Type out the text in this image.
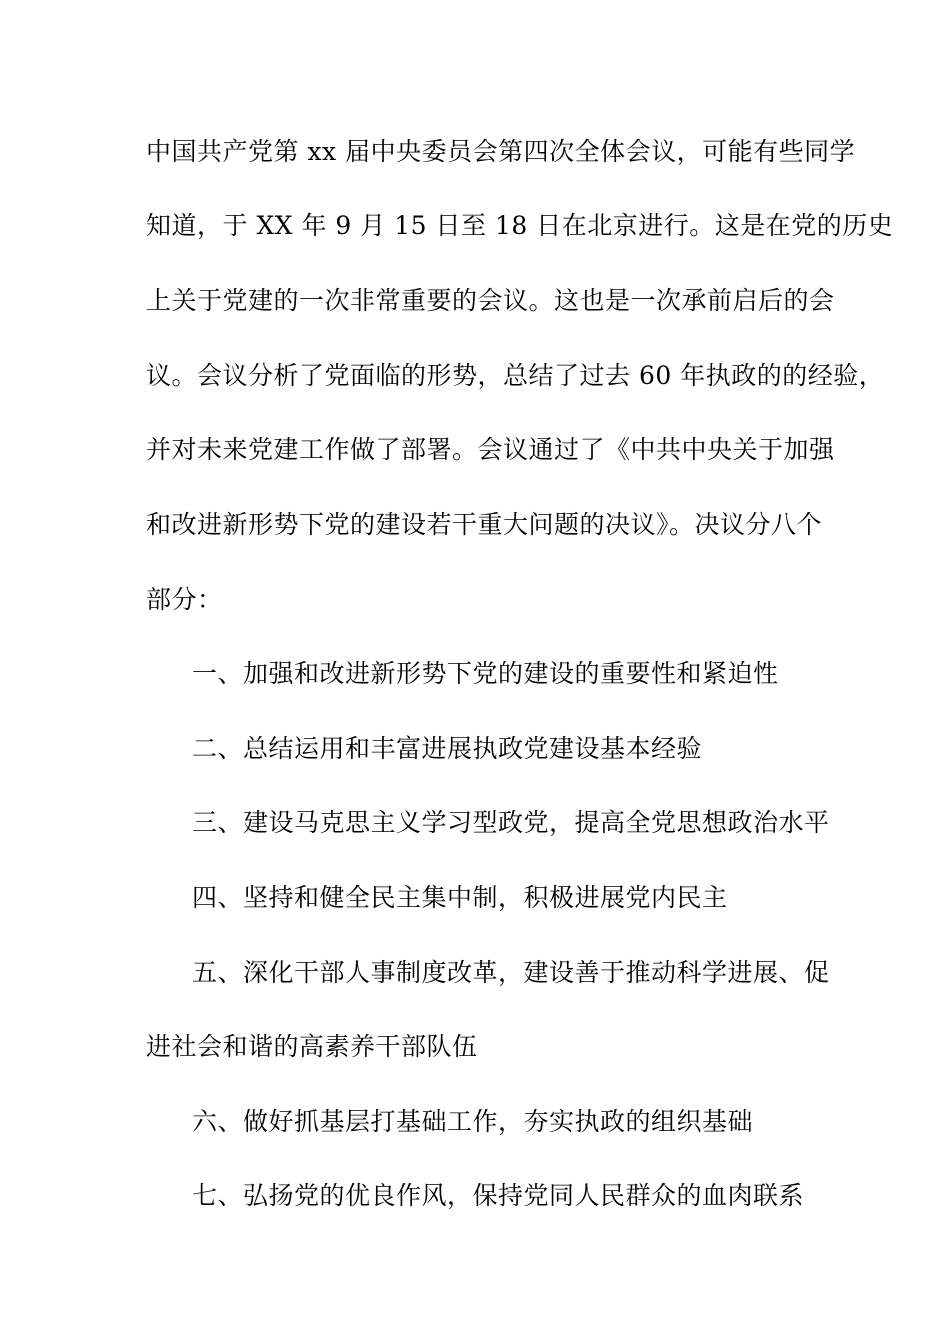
中国共产党第 xx 届中央委员会第四次全体会议，可能有些同学
知道，于 XX 年 9 月 15 日至 18 日在北京进行。这是在党的历史
上关于党建的一次非常重要的会议。这也是一次承前启后的会
议。会议分析了党面临的形势，总结了过去 60 年执政的的经验，
并对未来党建工作做了部署。会议通过了《中共中央关于加强
和改进新形势下党的建设若干重大问题的决议》。决议分八个
部分：
一、加强和改进新形势下党的建设的重要性和紧迫性
二、总结运用和丰富进展执政党建设基本经验
三、建设马克思主义学习型政党，提高全党思想政治水平
四、坚持和健全民主集中制，积极进展党内民主
五、深化干部人事制度改革，建设善于推动科学进展、促
进社会和谐的高素养干部队伍
六、做好抓基层打基础工作，夯实执政的组织基础
七、弘扬党的优良作风，保持党同人民群众的血肉联系
